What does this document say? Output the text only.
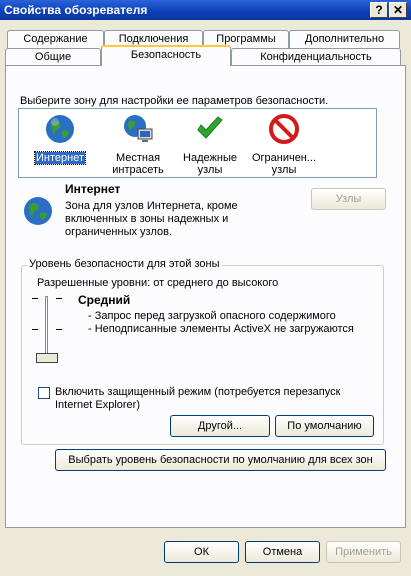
Свойства обозревателя	? ✕
Содержание	Подключения	Программы	Дополнительно
Общие	Безопасность	Конфиденциальность
Выберите зону для настройки ее параметров безопасности.
Интернет	Местная интрасеть
Надежные узлы
Ограничен... узлы
Интернет
Зона для узлов Интернета, кроме включенных в зоны надежных и ограниченных узлов.
Узлы
Уровень безопасности для этой зоны
Разрешенные уровни: от среднего до высокого
Средний
- Запрос перед загрузкой опасного содержимого
- Неподписанные элементы ActiveX не загружаются
Включить защищенный режим (потребуется перезапуск Internet Explorer)
Другой...	По умолчанию
Выбрать уровень безопасности по умолчанию для всех зон
ОК	Отмена	Применить
